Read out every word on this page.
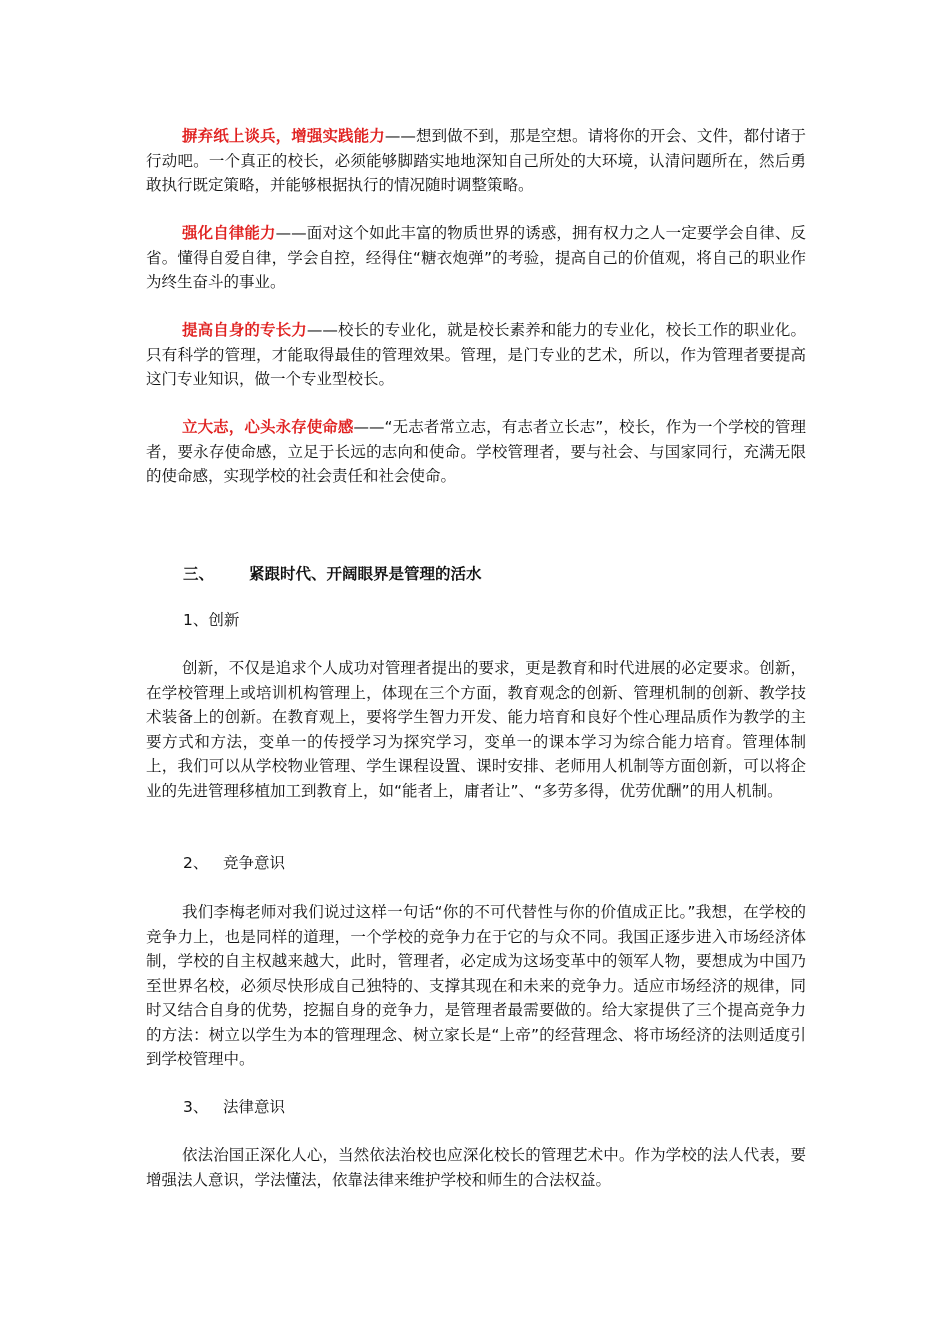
摒弃纸上谈兵，增强实践能力——想到做不到，那是空想。请将你的开会、文件，都付诸于行动吧。一个真正的校长，必须能够脚踏实地地深知自己所处的大环境，认清问题所在，然后勇敢执行既定策略，并能够根据执行的情况随时调整策略。

强化自律能力——面对这个如此丰富的物质世界的诱惑，拥有权力之人一定要学会自律、反省。懂得自爱自律，学会自控，经得住“糖衣炮弹”的考验，提高自己的价值观，将自己的职业作为终生奋斗的事业。

提高自身的专长力——校长的专业化，就是校长素养和能力的专业化，校长工作的职业化。只有科学的管理，才能取得最佳的管理效果。管理，是门专业的艺术，所以，作为管理者要提高这门专业知识，做一个专业型校长。

立大志，心头永存使命感——“无志者常立志，有志者立长志”，校长，作为一个学校的管理者，要永存使命感，立足于长远的志向和使命。学校管理者，要与社会、与国家同行，充满无限的使命感，实现学校的社会责任和社会使命。

三、 紧跟时代、开阔眼界是管理的活水

1、创新

创新，不仅是追求个人成功对管理者提出的要求，更是教育和时代进展的必定要求。创新，在学校管理上或培训机构管理上，体现在三个方面，教育观念的创新、管理机制的创新、教学技术装备上的创新。在教育观上，要将学生智力开发、能力培育和良好个性心理品质作为教学的主要方式和方法，变单一的传授学习为探究学习，变单一的课本学习为综合能力培育。管理体制上，我们可以从学校物业管理、学生课程设置、课时安排、老师用人机制等方面创新，可以将企业的先进管理移植加工到教育上，如“能者上，庸者让”、“多劳多得，优劳优酬”的用人机制。

2、 竞争意识

我们李梅老师对我们说过这样一句话“你的不可代替性与你的价值成正比。”我想，在学校的竞争力上，也是同样的道理，一个学校的竞争力在于它的与众不同。我国正逐步进入市场经济体制，学校的自主权越来越大，此时，管理者，必定成为这场变革中的领军人物，要想成为中国乃至世界名校，必须尽快形成自己独特的、支撑其现在和未来的竞争力。适应市场经济的规律，同时又结合自身的优势，挖掘自身的竞争力，是管理者最需要做的。给大家提供了三个提高竞争力的方法：树立以学生为本的管理理念、树立家长是“上帝”的经营理念、将市场经济的法则适度引到学校管理中。

3、 法律意识

依法治国正深化人心，当然依法治校也应深化校长的管理艺术中。作为学校的法人代表，要增强法人意识，学法懂法，依靠法律来维护学校和师生的合法权益。
